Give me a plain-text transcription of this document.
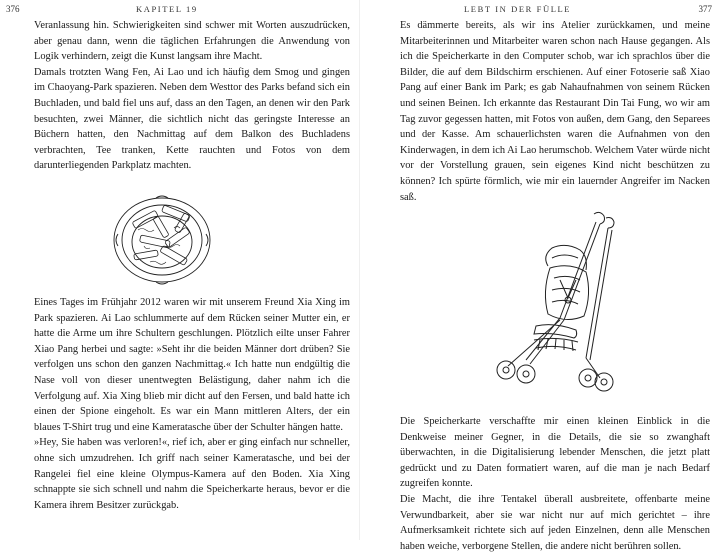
376	KAPITEL 19

Veranlassung hin. Schwierigkeiten sind schwer mit Worten auszudrücken, aber genau dann, wenn die täglichen Erfahrungen die Anwendung von Logik verhindern, zeigt die Kunst langsam ihre Macht.

Damals trotzten Wang Fen, Ai Lao und ich häufig dem Smog und gingen im Chaoyang-Park spazieren. Neben dem Westtor des Parks befand sich ein Buchladen, und bald fiel uns auf, dass an den Tagen, an denen wir den Park besuchten, zwei Männer, die sichtlich nicht das geringste Interesse an Büchern hatten, den Nachmittag auf dem Balkon des Buchladens verbrachten, Tee tranken, Kette rauchten und Fotos von dem darunterliegenden Parkplatz machten.

Eines Tages im Frühjahr 2012 waren wir mit unserem Freund Xia Xing im Park spazieren. Ai Lao schlummerte auf dem Rücken seiner Mutter ein, er hatte die Arme um ihre Schultern geschlungen. Plötzlich eilte unser Fahrer Xiao Pang herbei und sagte: »Seht ihr die beiden Männer dort drüben? Sie verfolgen uns schon den ganzen Nachmittag.« Ich hatte nun endgültig die Nase voll von dieser unentwegten Belästigung, daher nahm ich die Verfolgung auf. Xia Xing blieb mir dicht auf den Fersen, und bald hatte ich einen der Spione eingeholt. Es war ein Mann mittleren Alters, der ein blaues T-Shirt trug und eine Kameratasche über der Schulter hängen hatte.

»Hey, Sie haben was verloren!«, rief ich, aber er ging einfach nur schneller, ohne sich umzudrehen. Ich griff nach seiner Kameratasche, und bei der Rangelei fiel eine kleine Olympus-Kamera auf den Boden. Xia Xing schnappte sie sich schnell und nahm die Speicherkarte heraus, bevor er die Kamera ihrem Besitzer zurückgab.

LEBT IN DER FÜLLE	377

Es dämmerte bereits, als wir ins Atelier zurückkamen, und meine Mitarbeiterinnen und Mitarbeiter waren schon nach Hause gegangen. Als ich die Speicherkarte in den Computer schob, war ich sprachlos über die Bilder, die auf dem Bildschirm erschienen. Auf einer Fotoserie saß Xiao Pang auf einer Bank im Park; es gab Nahaufnahmen von seinem Rücken und seinen Beinen. Ich erkannte das Restaurant Din Tai Fung, wo wir am Tag zuvor gegessen hatten, mit Fotos von außen, dem Gang, den Separees und der Kasse. Am schauerlichsten waren die Aufnahmen von den Kinderwagen, in dem ich Ai Lao herumschob. Welchem Vater würde nicht vor der Vorstellung grauen, sein eigenes Kind nicht beschützen zu können? Ich spürte förmlich, wie mir ein lauernder Angreifer im Nacken saß.

Die Speicherkarte verschaffte mir einen kleinen Einblick in die Denkweise meiner Gegner, in die Details, die sie so zwanghaft überwachten, in die Digitalisierung lebender Menschen, die jetzt platt gedrückt und zu Daten formatiert waren, auf die man je nach Bedarf zugreifen konnte.

Die Macht, die ihre Tentakel überall ausbreitete, offenbarte meine Verwundbarkeit, aber sie war nicht nur auf mich gerichtet – ihre Aufmerksamkeit richtete sich auf jeden Einzelnen, denn alle Menschen haben weiche, verborgene Stellen, die andere nicht berühren sollen.
